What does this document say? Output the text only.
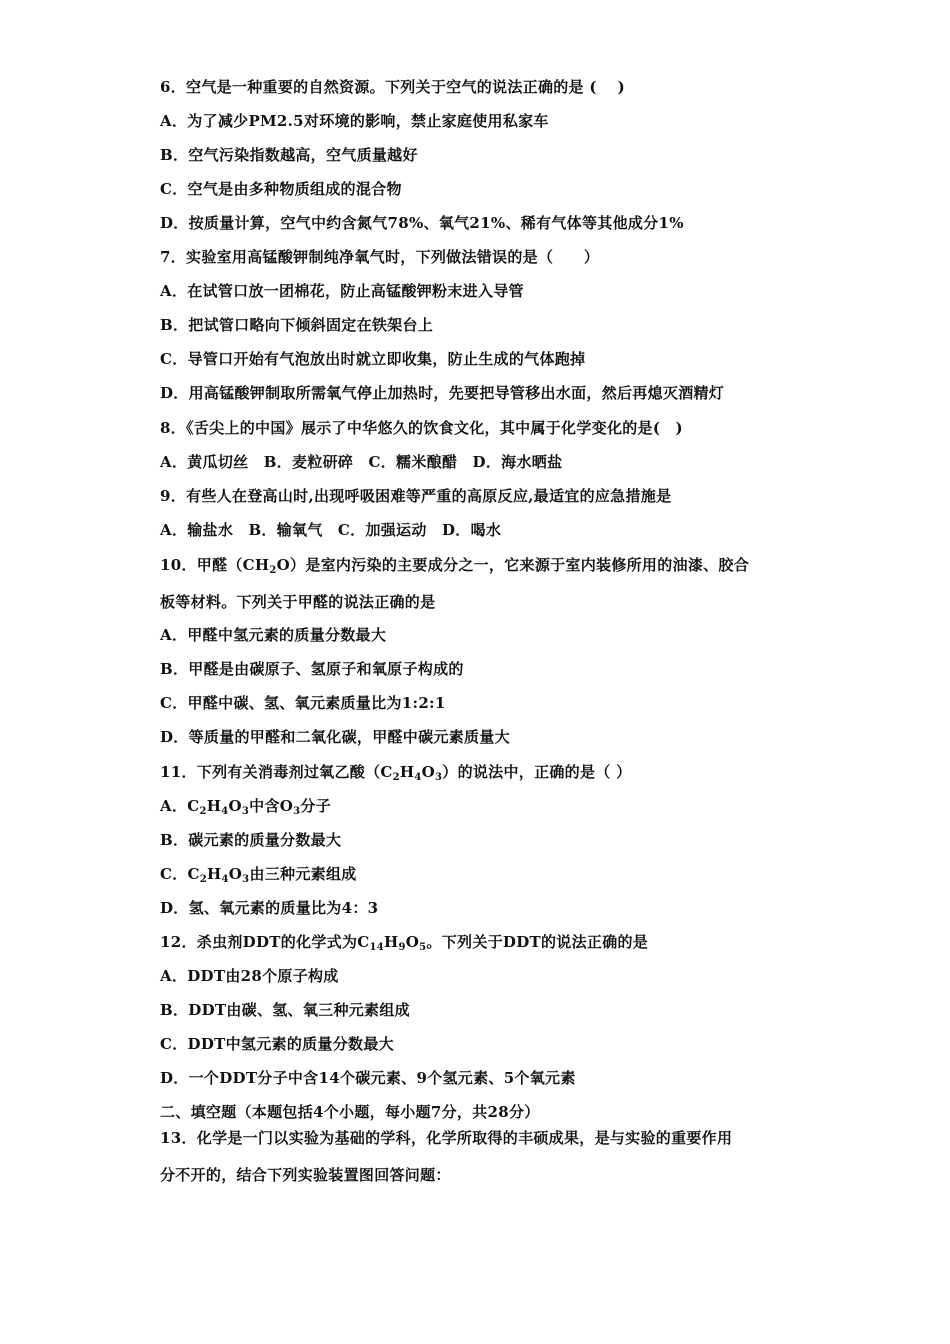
6．空气是一种重要的自然资源。下列关于空气的说法正确的是 (　 )
A．为了减少PM2.5对环境的影响，禁止家庭使用私家车
B．空气污染指数越高，空气质量越好
C．空气是由多种物质组成的混合物
D．按质量计算，空气中约含氮气78%、氧气21%、稀有气体等其他成分1%
7．实验室用高锰酸钾制纯净氧气时，下列做法错误的是（　　）
A．在试管口放一团棉花，防止高锰酸钾粉末进入导管
B．把试管口略向下倾斜固定在铁架台上
C．导管口开始有气泡放出时就立即收集，防止生成的气体跑掉
D．用高锰酸钾制取所需氧气停止加热时，先要把导管移出水面，然后再熄灭酒精灯
8．《舌尖上的中国》展示了中华悠久的饮食文化，其中属于化学变化的是(　)
A．黄瓜切丝　B．麦粒研碎　C．糯米酿醋　D．海水晒盐
9．有些人在登高山时,出现呼吸困难等严重的高原反应,最适宜的应急措施是
A．输盐水　B．输氧气　C．加强运动　D．喝水
10．甲醛$(CH_2O)$是室内污染的主要成分之一，它来源于室内装修所用的油漆、胶合
板等材料。下列关于甲醛的说法正确的是
A．甲醛中氢元素的质量分数最大
B．甲醛是由碳原子、氢原子和氧原子构成的
C．甲醛中碳、氢、氧元素质量比为1:2:1
D．等质量的甲醛和二氧化碳，甲醛中碳元素质量大
11．下列有关消毒剂过氧乙酸$(C_2H_4O_3)$的说法中，正确的是（ ）
A．$C_2H_4O_3$中含$O_3$分子
B．碳元素的质量分数最大
C．$C_2H_4O_3$由三种元素组成
D．氢、氧元素的质量比为4：3
12．杀虫剂DDT的化学式为$C_{14}H_9O_5$。下列关于DDT的说法正确的是
A．DDT由28个原子构成
B．DDT由碳、氢、氧三种元素组成
C．DDT中氢元素的质量分数最大
D．一个DDT分子中含14个碳元素、9个氢元素、5个氧元素
二、填空题（本题包括4个小题，每小题7分，共28分）
13．化学是一门以实验为基础的学科，化学所取得的丰硕成果，是与实验的重要作用
分不开的，结合下列实验装置图回答问题：
